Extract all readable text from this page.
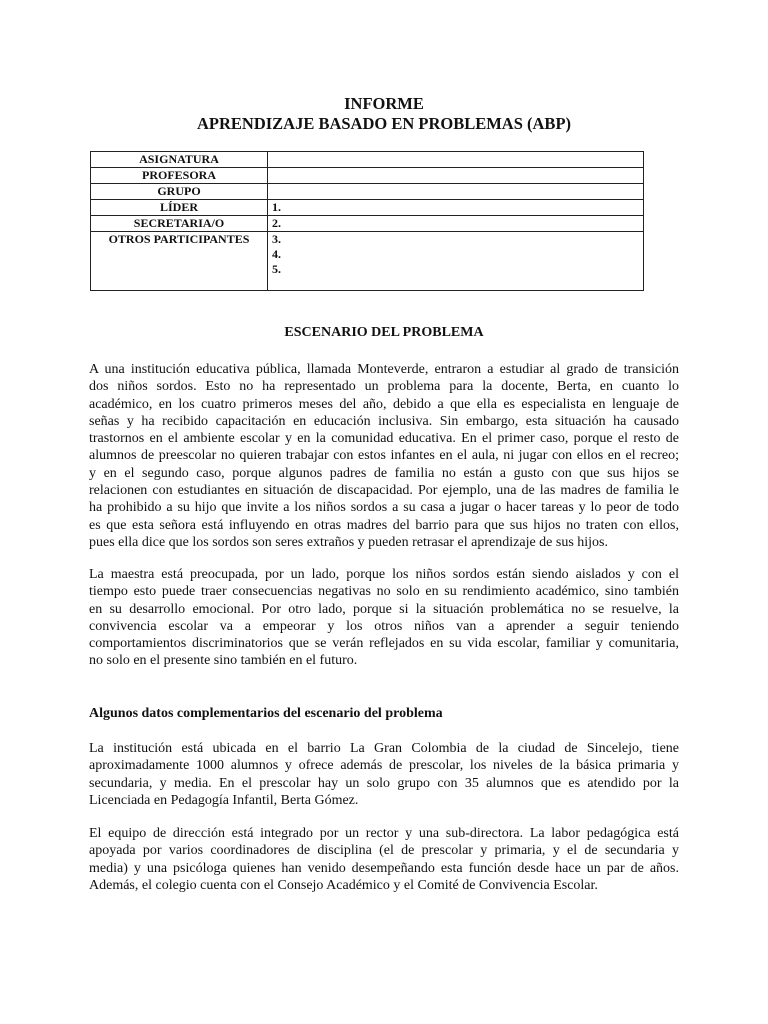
INFORME
APRENDIZAJE BASADO EN PROBLEMAS (ABP)
ASIGNATURA	

PROFESORA	

GRUPO	

LÍDER	1.

SECRETARIA/O	2.

OTROS PARTICIPANTES	3.
4.
5.
ESCENARIO DEL PROBLEMA
A una institución educativa pública, llamada Monteverde, entraron a estudiar al grado de transición
dos niños sordos. Esto no ha representado un problema para la docente, Berta, en cuanto lo
académico, en los cuatro primeros meses del año, debido a que ella es especialista en lenguaje de
señas y ha recibido capacitación en educación inclusiva. Sin embargo, esta situación ha causado
trastornos en el ambiente escolar y en la comunidad educativa. En el primer caso, porque el resto de
alumnos de preescolar no quieren trabajar con estos infantes en el aula, ni jugar con ellos en el recreo;
y en el segundo caso, porque algunos padres de familia no están a gusto con que sus hijos se
relacionen con estudiantes en situación de discapacidad. Por ejemplo, una de las madres de familia le
ha prohibido a su hijo que invite a los niños sordos a su casa a jugar o hacer tareas y lo peor de todo
es que esta señora está influyendo en otras madres del barrio para que sus hijos no traten con ellos,
pues ella dice que los sordos son seres extraños y pueden retrasar el aprendizaje de sus hijos.
La maestra está preocupada, por un lado, porque los niños sordos están siendo aislados y con el
tiempo esto puede traer consecuencias negativas no solo en su rendimiento académico, sino también
en su desarrollo emocional. Por otro lado, porque si la situación problemática no se resuelve, la
convivencia escolar va a empeorar y los otros niños van a aprender a seguir teniendo
comportamientos discriminatorios que se verán reflejados en su vida escolar, familiar y comunitaria,
no solo en el presente sino también en el futuro.
Algunos datos complementarios del escenario del problema
La institución está ubicada en el barrio La Gran Colombia de la ciudad de Sincelejo, tiene
aproximadamente 1000 alumnos y ofrece además de prescolar, los niveles de la básica primaria y
secundaria, y media. En el prescolar hay un solo grupo con 35 alumnos que es atendido por la
Licenciada en Pedagogía Infantil, Berta Gómez.
El equipo de dirección está integrado por un rector y una sub-directora. La labor pedagógica está
apoyada por varios coordinadores de disciplina (el de prescolar y primaria, y el de secundaria y
media) y una psicóloga quienes han venido desempeñando esta función desde hace un par de años.
Además, el colegio cuenta con el Consejo Académico y el Comité de Convivencia Escolar.
